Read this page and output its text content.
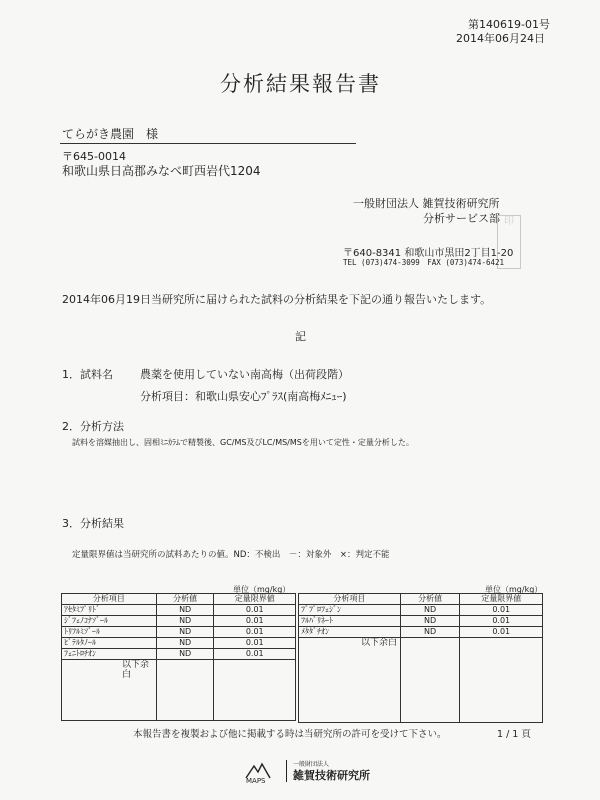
第140619-01号
2014年06月24日
分析結果報告書
てらがき農園　様
〒645-0014
和歌山県日高郡みなべ町西岩代1204
一般財団法人 雑賀技術研究所
分析サービス部 印
〒640-8341 和歌山市黒田2丁目1-20
TEL (073)474-3099　FAX (073)474-6421
2014年06月19日当研究所に届けられた試料の分析結果を下記の通り報告いたします。
記
1．試料名 農薬を使用していない南高梅（出荷段階）
分析項目：和歌山県安心ﾌﾟﾗｽ(南高梅ﾒﾆｭｰ)
2．分析方法
試料を溶媒抽出し、固相ﾐﾆｶﾗﾑで精製後、GC/MS及びLC/MS/MSを用いて定性・定量分析した。
3．分析結果
定量限界値は当研究所の試料あたりの値。ND：不検出　－：対象外　×：判定不能
単位（mg/kg）	単位（mg/kg）
分析項目	分析値	定量限界値
ｱｾﾀﾐﾌﾟﾘﾄﾞ	ND	0.01
ｼﾞﾌｪﾉｺﾅｿﾞｰﾙ	ND	0.01
ﾄﾘﾌﾙﾐｿﾞｰﾙ	ND	0.01
ﾋﾞﾃﾙﾀﾉｰﾙ	ND	0.01
ﾌｪﾆﾄﾛﾁｵﾝ	ND	0.01
以下余白		
分析項目	分析値	定量限界値
ﾌﾞﾌﾟﾛﾌｪｼﾞﾝ	ND	0.01
ﾌﾙﾊﾞﾘﾈｰﾄ	ND	0.01
ﾒﾀﾀﾞﾁｵﾝ	ND	0.01
以下余白		
本報告書を複製および他に掲載する時は当研究所の許可を受けて下さい。	1 / 1 頁
MAPS
一般財団法人
雑賀技術研究所
